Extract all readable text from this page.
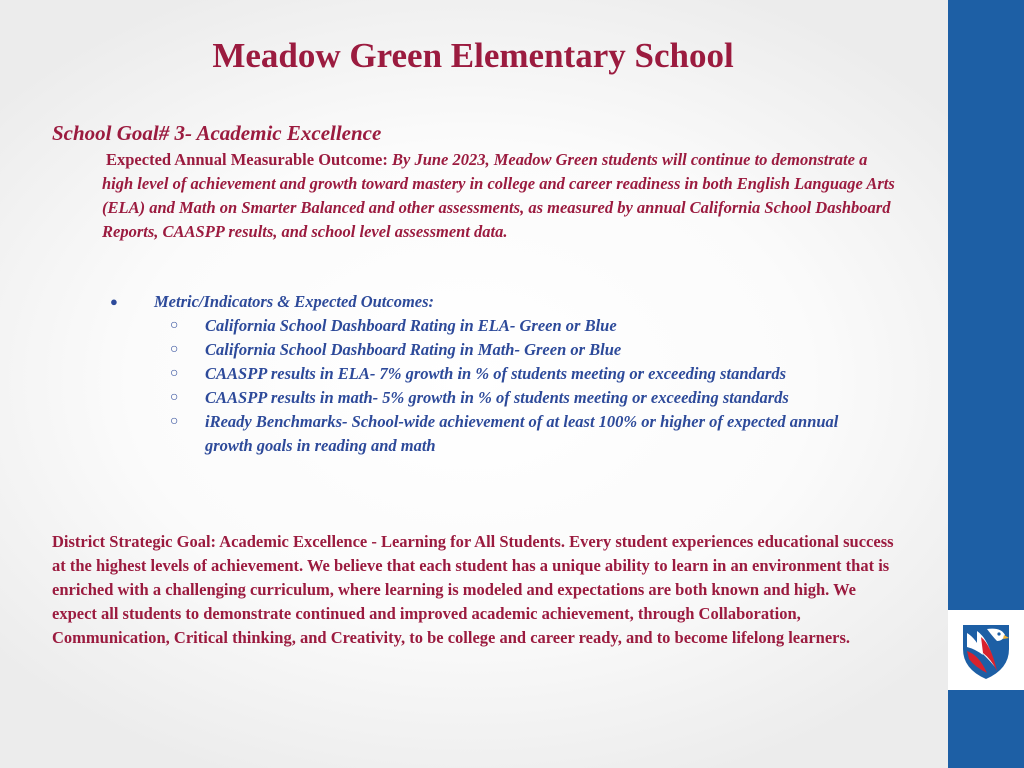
Meadow Green Elementary School
School Goal# 3- Academic Excellence

Expected Annual Measurable Outcome: By June 2023, Meadow Green students will continue to demonstrate a high level of achievement and growth toward mastery in college and career readiness in both English Language Arts (ELA) and Math on Smarter Balanced and other assessments, as measured by annual California School Dashboard Reports, CAASPP results, and school level assessment data.

●	Metric/Indicators & Expected Outcomes:
○ California School Dashboard Rating in ELA- Green or Blue
○ California School Dashboard Rating in Math- Green or Blue
○ CAASPP results in ELA- 7% growth in % of students meeting or exceeding standards
○ CAASPP results in math- 5% growth in % of students meeting or exceeding standards
○ iReady Benchmarks- School-wide achievement of at least 100% or higher of expected annual growth goals in reading and math

District Strategic Goal: Academic Excellence - Learning for All Students. Every student experiences educational success at the highest levels of achievement. We believe that each student has a unique ability to learn in an environment that is enriched with a challenging curriculum, where learning is modeled and expectations are both known and high. We expect all students to demonstrate continued and improved academic achievement, through Collaboration, Communication, Critical thinking, and Creativity, to be college and career ready, and to become lifelong learners.
